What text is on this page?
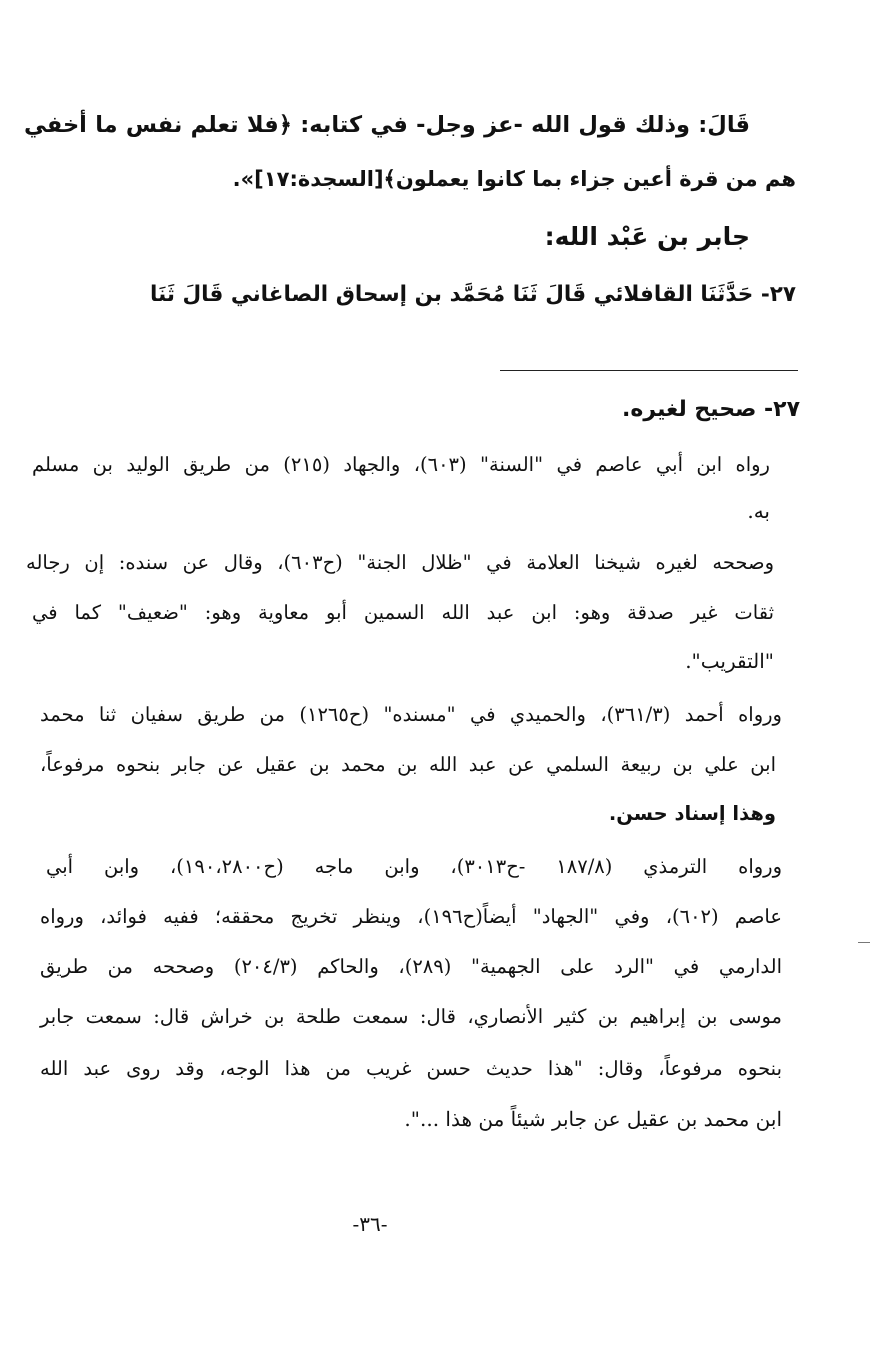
قَالَ: وذلك قول الله -عز وجل- في كتابه: ﴿فلا تعلم نفس ما أخفي
هم من قرة أعين جزاء بما كانوا يعملون﴾[السجدة:١٧]».
جابر بن عَبْد الله:
٢٧- حَدَّثَنَا القافلائي قَالَ ثَنَا مُحَمَّد بن إسحاق الصاغاني قَالَ ثَنَا
٢٧- صحيح لغيره.
رواه ابن أبي عاصم في "السنة" (٦٠٣)، والجهاد (٢١٥) من طريق الوليد بن مسلم
به.
وصححه لغيره شيخنا العلامة في "ظلال الجنة" (ح٦٠٣)، وقال عن سنده: إن رجاله
ثقات غير صدقة وهو: ابن عبد الله السمين أبو معاوية وهو: "ضعيف" كما في
"التقريب".
ورواه أحمد (٣٦١/٣)، والحميدي في "مسنده" (ح١٢٦٥) من طريق سفيان ثنا محمد
ابن علي بن ربيعة السلمي عن عبد الله بن محمد بن عقيل عن جابر بنحوه مرفوعاً،
وهذا إسناد حسن.
ورواه الترمذي (١٨٧/٨ -ح٣٠١٣)، وابن ماجه (ح١٩٠،٢٨٠٠)، وابن أبي
عاصم (٦٠٢)، وفي "الجهاد" أيضاً(ح١٩٦)، وينظر تخريج محققه؛ ففيه فوائد، ورواه
الدارمي في "الرد على الجهمية" (٢٨٩)، والحاكم (٢٠٤/٣) وصححه من طريق
موسى بن إبراهيم بن كثير الأنصاري، قال: سمعت طلحة بن خراش قال: سمعت جابر
بنحوه مرفوعاً، وقال: "هذا حديث حسن غريب من هذا الوجه، وقد روى عبد الله
ابن محمد بن عقيل عن جابر شيئاً من هذا ...".
-٣٦-
